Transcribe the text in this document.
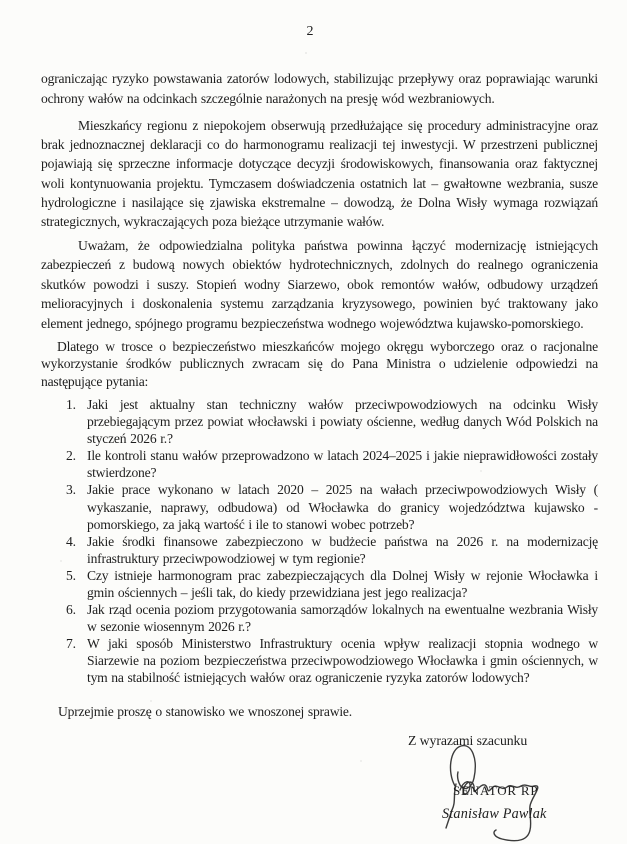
2

ograniczając ryzyko powstawania zatorów lodowych, stabilizując przepływy oraz poprawiając warunki ochrony wałów na odcinkach szczególnie narażonych na presję wód wezbraniowych.

Mieszkańcy regionu z niepokojem obserwują przedłużające się procedury administracyjne oraz brak jednoznacznej deklaracji co do harmonogramu realizacji tej inwestycji. W przestrzeni publicznej pojawiają się sprzeczne informacje dotyczące decyzji środowiskowych, finansowania oraz faktycznej woli kontynuowania projektu. Tymczasem doświadczenia ostatnich lat – gwałtowne wezbrania, susze hydrologiczne i nasilające się zjawiska ekstremalne – dowodzą, że Dolna Wisły wymaga rozwiązań strategicznych, wykraczających poza bieżące utrzymanie wałów.

Uważam, że odpowiedzialna polityka państwa powinna łączyć modernizację istniejących zabezpieczeń z budową nowych obiektów hydrotechnicznych, zdolnych do realnego ograniczenia skutków powodzi i suszy. Stopień wodny Siarzewo, obok remontów wałów, odbudowy urządzeń melioracyjnych i doskonalenia systemu zarządzania kryzysowego, powinien być traktowany jako element jednego, spójnego programu bezpieczeństwa wodnego województwa kujawsko-pomorskiego.

Dlatego w trosce o bezpieczeństwo mieszkańców mojego okręgu wyborczego oraz o racjonalne wykorzystanie środków publicznych zwracam się do Pana Ministra o udzielenie odpowiedzi na następujące pytania:

1. Jaki jest aktualny stan techniczny wałów przeciwpowodziowych na odcinku Wisły przebiegającym przez powiat włocławski i powiaty ościenne, według danych Wód Polskich na styczeń 2026 r.?
2. Ile kontroli stanu wałów przeprowadzono w latach 2024–2025 i jakie nieprawidłowości zostały stwierdzone?
3. Jakie prace wykonano w latach 2020 – 2025 na wałach przeciwpowodziowych Wisły ( wykaszanie, naprawy, odbudowa) od Włocławka do granicy wojedzództwa kujawsko - pomorskiego, za jaką wartość i ile to stanowi wobec potrzeb?
4. Jakie środki finansowe zabezpieczono w budżecie państwa na 2026 r. na modernizację infrastruktury przeciwpowodziowej w tym regionie?
5. Czy istnieje harmonogram prac zabezpieczających dla Dolnej Wisły w rejonie Włocławka i gmin ościennych – jeśli tak, do kiedy przewidziana jest jego realizacja?
6. Jak rząd ocenia poziom przygotowania samorządów lokalnych na ewentualne wezbrania Wisły w sezonie wiosennym 2026 r.?
7. W jaki sposób Ministerstwo Infrastruktury ocenia wpływ realizacji stopnia wodnego w Siarzewie na poziom bezpieczeństwa przeciwpowodziowego Włocławka i gmin ościennych, w tym na stabilność istniejących wałów oraz ograniczenie ryzyka zatorów lodowych?

Uprzejmie proszę o stanowisko we wnoszonej sprawie.

Z wyrazami szacunku
SENATOR RP
Stanisław Pawlak
